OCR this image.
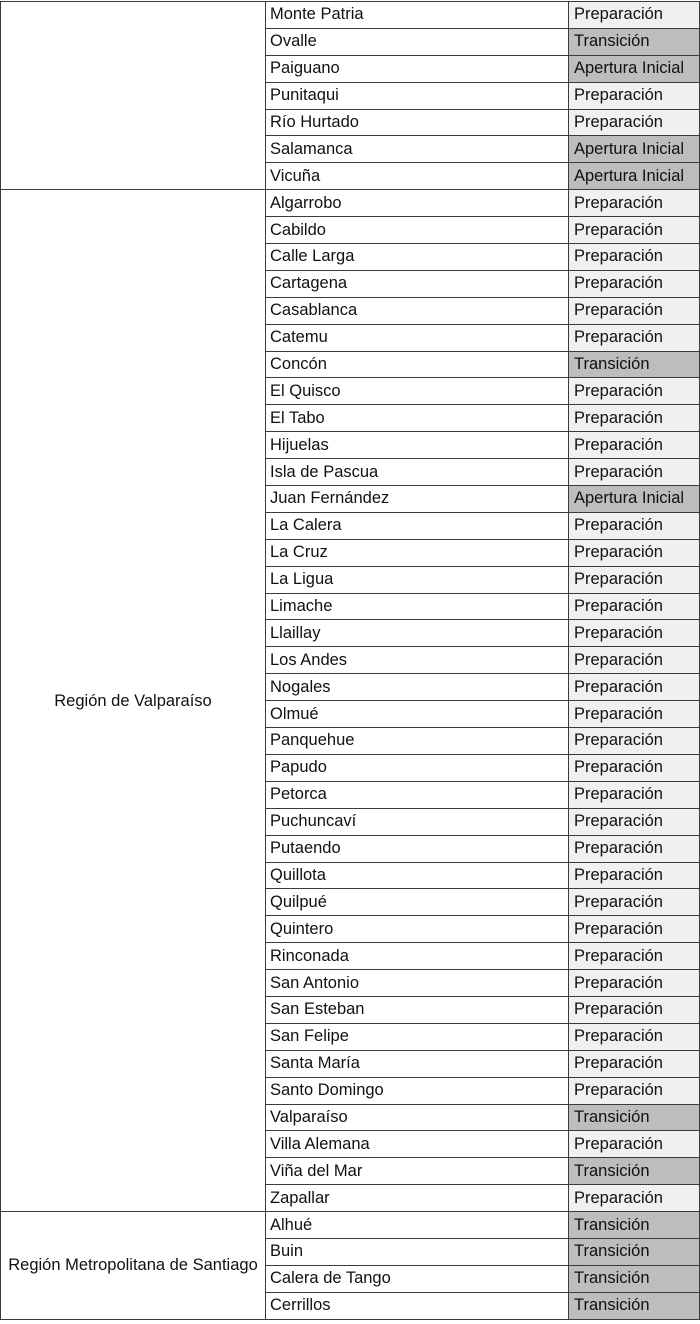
	Monte Patria	Preparación
	Ovalle	Transición
	Paiguano	Apertura Inicial
	Punitaqui	Preparación
	Río Hurtado	Preparación
	Salamanca	Apertura Inicial
	Vicuña	Apertura Inicial
Región de Valparaíso	Algarrobo	Preparación
	Cabildo	Preparación
	Calle Larga	Preparación
	Cartagena	Preparación
	Casablanca	Preparación
	Catemu	Preparación
	Concón	Transición
	El Quisco	Preparación
	El Tabo	Preparación
	Hijuelas	Preparación
	Isla de Pascua	Preparación
	Juan Fernández	Apertura Inicial
	La Calera	Preparación
	La Cruz	Preparación
	La Ligua	Preparación
	Limache	Preparación
	Llaillay	Preparación
	Los Andes	Preparación
	Nogales	Preparación
	Olmué	Preparación
	Panquehue	Preparación
	Papudo	Preparación
	Petorca	Preparación
	Puchuncaví	Preparación
	Putaendo	Preparación
	Quillota	Preparación
	Quilpué	Preparación
	Quintero	Preparación
	Rinconada	Preparación
	San Antonio	Preparación
	San Esteban	Preparación
	San Felipe	Preparación
	Santa María	Preparación
	Santo Domingo	Preparación
	Valparaíso	Transición
	Villa Alemana	Preparación
	Viña del Mar	Transición
	Zapallar	Preparación
Región Metropolitana de Santiago	Alhué	Transición
	Buin	Transición
	Calera de Tango	Transición
	Cerrillos	Transición
